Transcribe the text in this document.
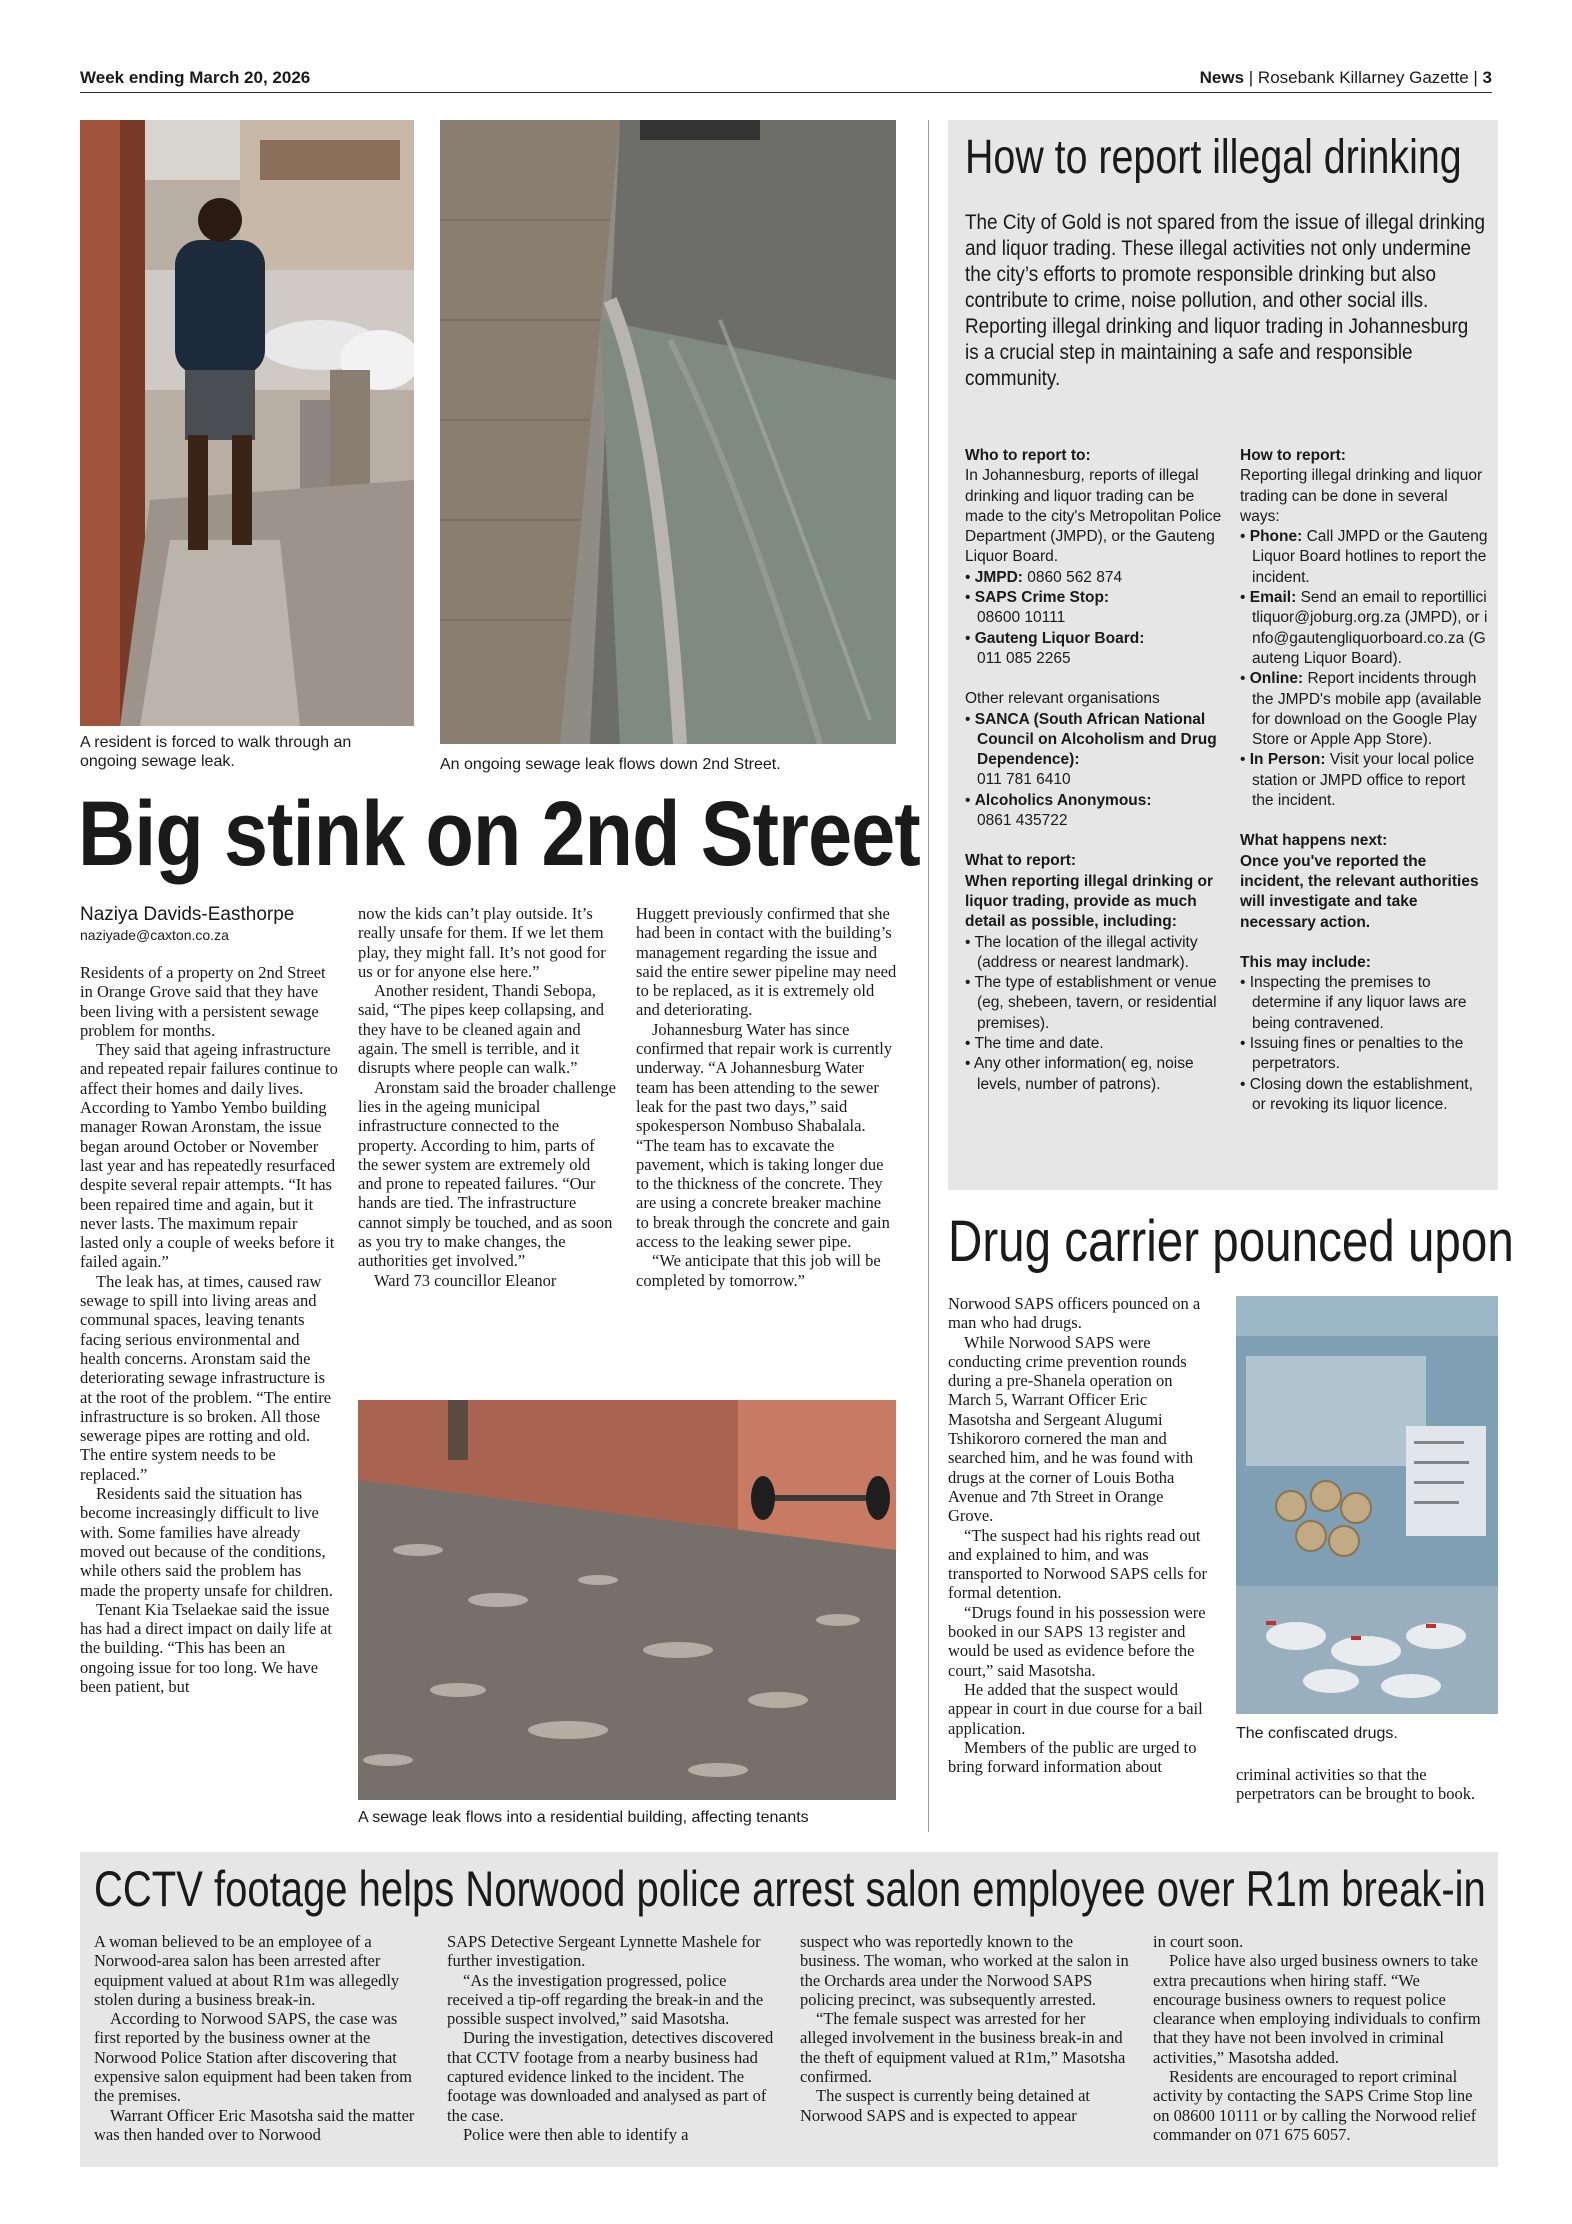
Week ending March 20, 2026	News | Rosebank Killarney Gazette | 3
A resident is forced to walk through an ongoing sewage leak.	An ongoing sewage leak flows down 2nd Street.
Big stink on 2nd Street
Naziya Davids-Easthorpe
naziyade@caxton.co.za

Residents of a property on 2nd Street in Orange Grove said that they have been living with a persistent sewage problem for months.

They said that ageing infrastructure and repeated repair failures continue to affect their homes and daily lives. According to Yambo Yembo building manager Rowan Aronstam, the issue began around October or November last year and has repeatedly resurfaced despite several repair attempts. “It has been repaired time and again, but it never lasts. The maximum repair lasted only a couple of weeks before it failed again.”

The leak has, at times, caused raw sewage to spill into living areas and communal spaces, leaving tenants facing serious environmental and health concerns. Aronstam said the deteriorating sewage infrastructure is at the root of the problem. “The entire infrastructure is so broken. All those sewerage pipes are rotting and old. The entire system needs to be replaced.”

Residents said the situation has become increasingly difficult to live with. Some families have already moved out because of the conditions, while others said the problem has made the property unsafe for children.

Tenant Kia Tselaekae said the issue has had a direct impact on daily life at the building. “This has been an ongoing issue for too long. We have been patient, but

now the kids can’t play outside. It’s really unsafe for them. If we let them play, they might fall. It’s not good for us or for anyone else here.”

Another resident, Thandi Sebopa, said, “The pipes keep collapsing, and they have to be cleaned again and again. The smell is terrible, and it disrupts where people can walk.”

Aronstam said the broader challenge lies in the ageing municipal infrastructure connected to the property. According to him, parts of the sewer system are extremely old and prone to repeated failures. “Our hands are tied. The infrastructure cannot simply be touched, and as soon as you try to make changes, the authorities get involved.”

Ward 73 councillor Eleanor

Huggett previously confirmed that she had been in contact with the building’s management regarding the issue and said the entire sewer pipeline may need to be replaced, as it is extremely old and deteriorating.

Johannesburg Water has since confirmed that repair work is currently underway. “A Johannesburg Water team has been attending to the sewer leak for the past two days,” said spokesperson Nombuso Shabalala. “The team has to excavate the pavement, which is taking longer due to the thickness of the concrete. They are using a concrete breaker machine to break through the concrete and gain access to the leaking sewer pipe.

“We anticipate that this job will be completed by tomorrow.”

A sewage leak flows into a residential building, affecting tenants
How to report illegal drinking
The City of Gold is not spared from the issue of illegal drinking and liquor trading. These illegal activities not only undermine the city’s efforts to promote responsible drinking but also contribute to crime, noise pollution, and other social ills.
Reporting illegal drinking and liquor trading in Johannesburg is a crucial step in maintaining a safe and responsible community.
Who to report to:
In Johannesburg, reports of illegal drinking and liquor trading can be made to the city's Metropolitan Police Department (JMPD), or the Gauteng Liquor Board.
• JMPD: 0860 562 874
• SAPS Crime Stop:
08600 10111
• Gauteng Liquor Board:
011 085 2265
Other relevant organisations
• SANCA (South African National Council on Alcoholism and Drug Dependence):
011 781 6410
• Alcoholics Anonymous:
0861 435722
What to report:
When reporting illegal drinking or liquor trading, provide as much detail as possible, including:
• The location of the illegal activity (address or nearest landmark).
• The type of establishment or venue (eg, shebeen, tavern, or residential premises).
• The time and date.
• Any other information( eg, noise levels, number of patrons).
How to report:
Reporting illegal drinking and liquor trading can be done in several ways:
• Phone: Call JMPD or the Gauteng Liquor Board hotlines to report the incident.
• Email: Send an email to reportillicitliquor@joburg.org.za (JMPD), or info@gautengliquorboard.co.za (Gauteng Liquor Board).
• Online: Report incidents through the JMPD's mobile app (available for download on the Google Play Store or Apple App Store).
• In Person: Visit your local police station or JMPD office to report the incident.
What happens next:
Once you've reported the incident, the relevant authorities will investigate and take necessary action.
This may include:
• Inspecting the premises to determine if any liquor laws are being contravened.
• Issuing fines or penalties to the perpetrators.
• Closing down the establishment, or revoking its liquor licence.
Drug carrier pounced upon

Norwood SAPS officers pounced on a man who had drugs.

While Norwood SAPS were conducting crime prevention rounds during a pre-Shanela operation on March 5, Warrant Officer Eric Masotsha and Sergeant Alugumi Tshikororo cornered the man and searched him, and he was found with drugs at the corner of Louis Botha Avenue and 7th Street in Orange Grove.

“The suspect had his rights read out and explained to him, and was transported to Norwood SAPS cells for formal detention.

“Drugs found in his possession were booked in our SAPS 13 register and would be used as evidence before the court,” said Masotsha.

He added that the suspect would appear in court in due course for a bail application.

Members of the public are urged to bring forward information about

The confiscated drugs.

criminal activities so that the perpetrators can be brought to book.

CCTV footage helps Norwood police arrest salon employee over R1m break-in

A woman believed to be an employee of a Norwood-area salon has been arrested after equipment valued at about R1m was allegedly stolen during a business break-in.

According to Norwood SAPS, the case was first reported by the business owner at the Norwood Police Station after discovering that expensive salon equipment had been taken from the premises.

Warrant Officer Eric Masotsha said the matter was then handed over to Norwood

SAPS Detective Sergeant Lynnette Mashele for further investigation.

“As the investigation progressed, police received a tip-off regarding the break-in and the possible suspect involved,” said Masotsha.

During the investigation, detectives discovered that CCTV footage from a nearby business had captured evidence linked to the incident. The footage was downloaded and analysed as part of the case.

Police were then able to identify a

suspect who was reportedly known to the business. The woman, who worked at the salon in the Orchards area under the Norwood SAPS policing precinct, was subsequently arrested.

“The female suspect was arrested for her alleged involvement in the business break-in and the theft of equipment valued at R1m,” Masotsha confirmed.

The suspect is currently being detained at Norwood SAPS and is expected to appear

in court soon.

Police have also urged business owners to take extra precautions when hiring staff. “We encourage business owners to request police clearance when employing individuals to confirm that they have not been involved in criminal activities,” Masotsha added.

Residents are encouraged to report criminal activity by contacting the SAPS Crime Stop line on 08600 10111 or by calling the Norwood relief commander on 071 675 6057.
